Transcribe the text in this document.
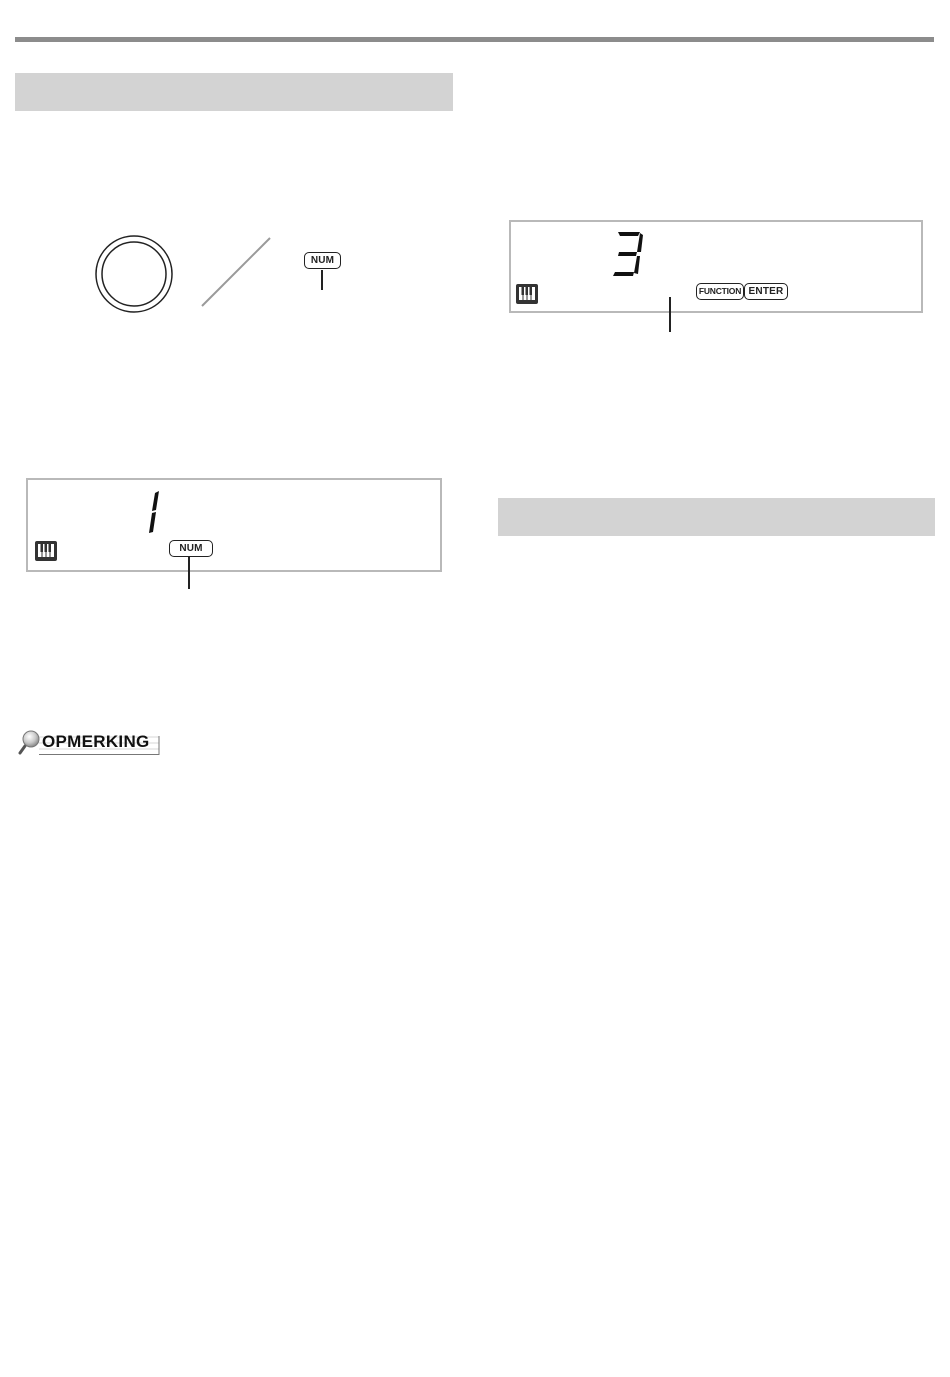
NUM
NUM
FUNCTION ENTER
OPMERKING
